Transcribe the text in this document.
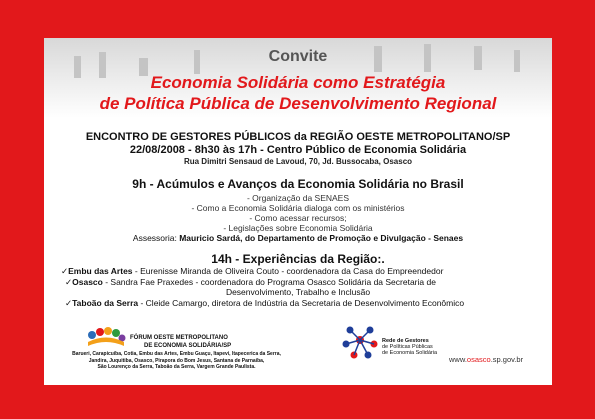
Convite
Economia Solidária como Estratégia
de Política Pública de Desenvolvimento Regional
ENCONTRO DE GESTORES PÚBLICOS da REGIÃO OESTE METROPOLITANO/SP
22/08/2008 - 8h30 às 17h - Centro Público de Economia Solidária
Rua Dimitri Sensaud de Lavoud, 70, Jd. Bussocaba, Osasco
9h - Acúmulos e Avanços da Economia Solidária no Brasil
- Organização da SENAES
- Como a Economia Solidária dialoga com os ministérios
- Como acessar recursos;
- Legislações sobre Economia Solidária
Assessoria: Mauricio Sardá, do Departamento de Promoção e Divulgação - Senaes
14h - Experiências da Região:.
✓Embu das Artes - Eurenisse Miranda de Oliveira Couto - coordenadora da Casa do Empreendedor
✓Osasco - Sandra Fae Praxedes - coordenadora do Programa Osasco Solidária da Secretaria de
Desenvolvimento, Trabalho e Inclusão
✓Taboão da Serra - Cleide Camargo, diretora de Indústria da Secretaria de Desenvolvimento Econômico
FÓRUM OESTE METROPOLITANO
DE ECONOMIA SOLIDÁRIA/SP
Barueri, Carapicuíba, Cotia, Embu das Artes, Embu Guaçu, Itapevi, Itapecerica da Serra,
Jandira, Juquitiba, Osasco, Pirapora do Bom Jesus, Santana de Parnaíba,
São Lourenço da Serra, Taboão da Serra, Vargem Grande Paulista.
Rede de Gestores
de Políticas Públicas
de Economia Solidária
www.osasco.sp.gov.br
